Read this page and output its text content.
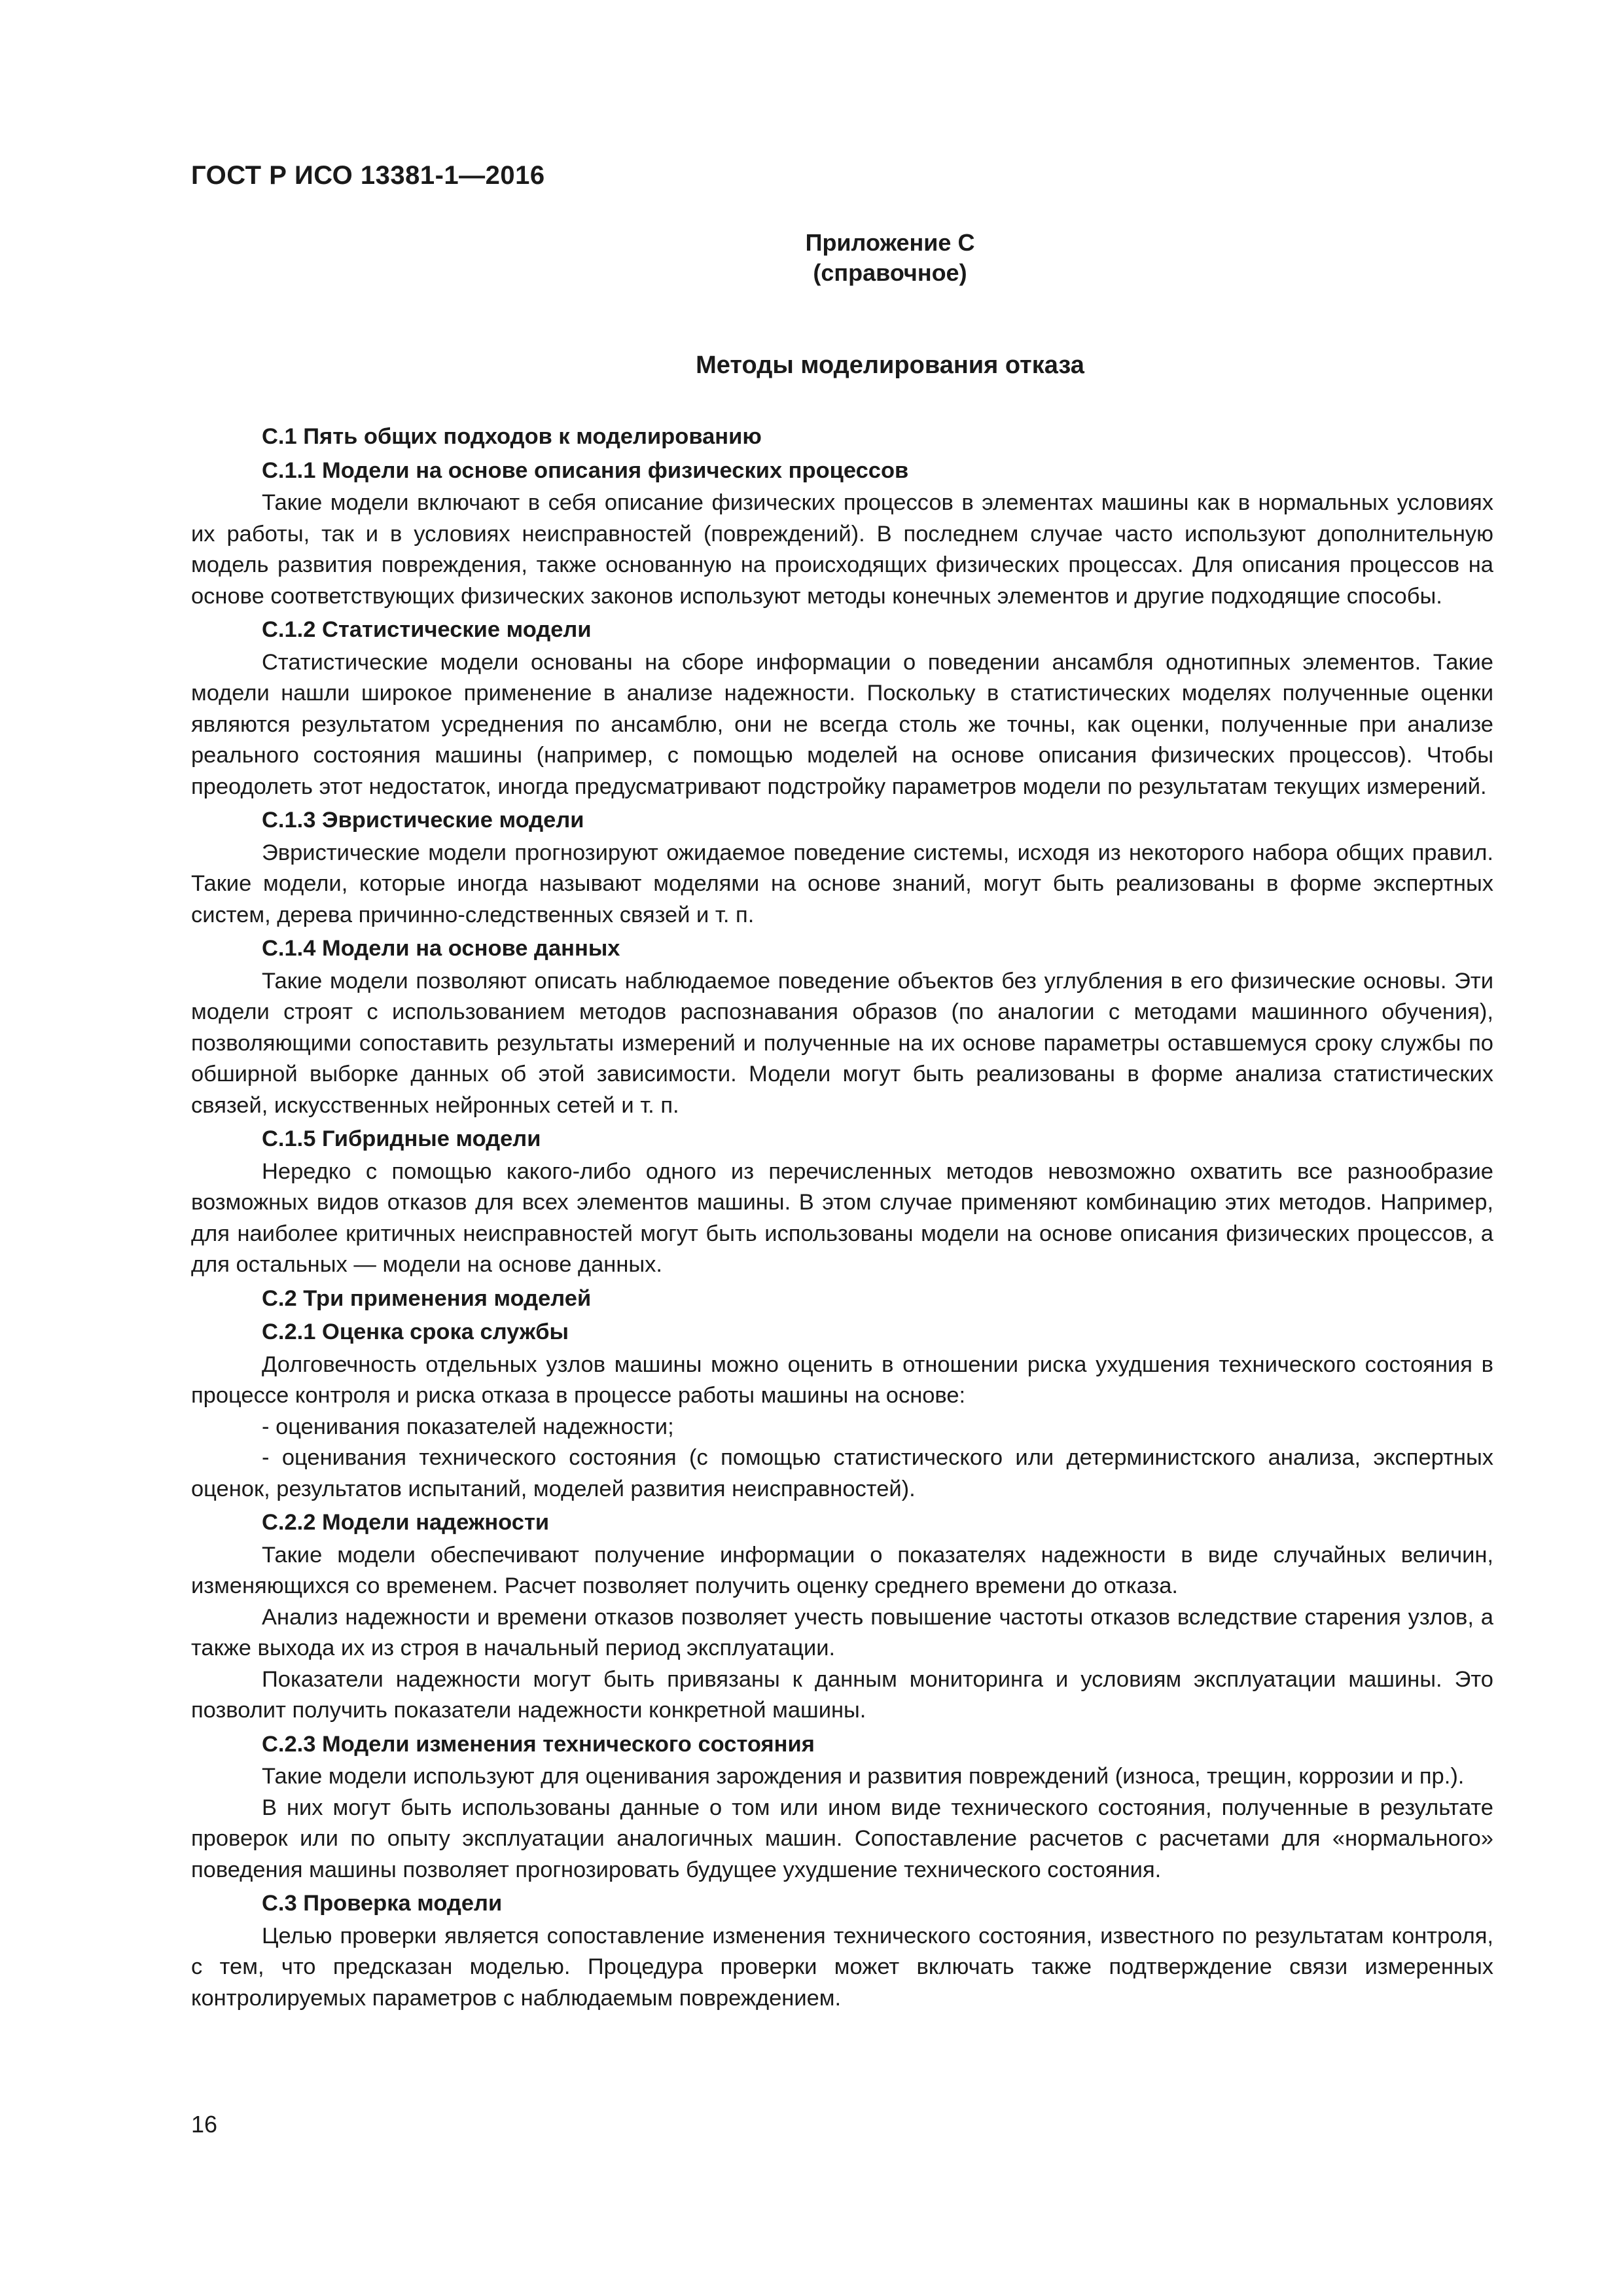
ГОСТ Р ИСО 13381-1—2016
Приложение С
(справочное)
Методы моделирования отказа
С.1 Пять общих подходов к моделированию
С.1.1 Модели на основе описания физических процессов
Такие модели включают в себя описание физических процессов в элементах машины как в нормальных условиях их работы, так и в условиях неисправностей (повреждений). В последнем случае часто используют дополнительную модель развития повреждения, также основанную на происходящих физических процессах. Для описания процессов на основе соответствующих физических законов используют методы конечных элементов и другие подходящие способы.
С.1.2 Статистические модели
Статистические модели основаны на сборе информации о поведении ансамбля однотипных элементов. Такие модели нашли широкое применение в анализе надежности. Поскольку в статистических моделях полученные оценки являются результатом усреднения по ансамблю, они не всегда столь же точны, как оценки, полученные при анализе реального состояния машины (например, с помощью моделей на основе описания физических процессов). Чтобы преодолеть этот недостаток, иногда предусматривают подстройку параметров модели по результатам текущих измерений.
С.1.3 Эвристические модели
Эвристические модели прогнозируют ожидаемое поведение системы, исходя из некоторого набора общих правил. Такие модели, которые иногда называют моделями на основе знаний, могут быть реализованы в форме экспертных систем, дерева причинно-следственных связей и т. п.
С.1.4 Модели на основе данных
Такие модели позволяют описать наблюдаемое поведение объектов без углубления в его физические основы. Эти модели строят с использованием методов распознавания образов (по аналогии с методами машинного обучения), позволяющими сопоставить результаты измерений и полученные на их основе параметры оставшемуся сроку службы по обширной выборке данных об этой зависимости. Модели могут быть реализованы в форме анализа статистических связей, искусственных нейронных сетей и т. п.
С.1.5 Гибридные модели
Нередко с помощью какого-либо одного из перечисленных методов невозможно охватить все разнообразие возможных видов отказов для всех элементов машины. В этом случае применяют комбинацию этих методов. Например, для наиболее критичных неисправностей могут быть использованы модели на основе описания физических процессов, а для остальных — модели на основе данных.
С.2 Три применения моделей
С.2.1 Оценка срока службы
Долговечность отдельных узлов машины можно оценить в отношении риска ухудшения технического состояния в процессе контроля и риска отказа в процессе работы машины на основе:
- оценивания показателей надежности;
- оценивания технического состояния (с помощью статистического или детерминистского анализа, экспертных оценок, результатов испытаний, моделей развития неисправностей).
С.2.2 Модели надежности
Такие модели обеспечивают получение информации о показателях надежности в виде случайных величин, изменяющихся со временем. Расчет позволяет получить оценку среднего времени до отказа.
Анализ надежности и времени отказов позволяет учесть повышение частоты отказов вследствие старения узлов, а также выхода их из строя в начальный период эксплуатации.
Показатели надежности могут быть привязаны к данным мониторинга и условиям эксплуатации машины. Это позволит получить показатели надежности конкретной машины.
С.2.3 Модели изменения технического состояния
Такие модели используют для оценивания зарождения и развития повреждений (износа, трещин, коррозии и пр.).
В них могут быть использованы данные о том или ином виде технического состояния, полученные в результате проверок или по опыту эксплуатации аналогичных машин. Сопоставление расчетов с расчетами для «нормального» поведения машины позволяет прогнозировать будущее ухудшение технического состояния.
С.3 Проверка модели
Целью проверки является сопоставление изменения технического состояния, известного по результатам контроля, с тем, что предсказан моделью. Процедура проверки может включать также подтверждение связи измеренных контролируемых параметров с наблюдаемым повреждением.
16
